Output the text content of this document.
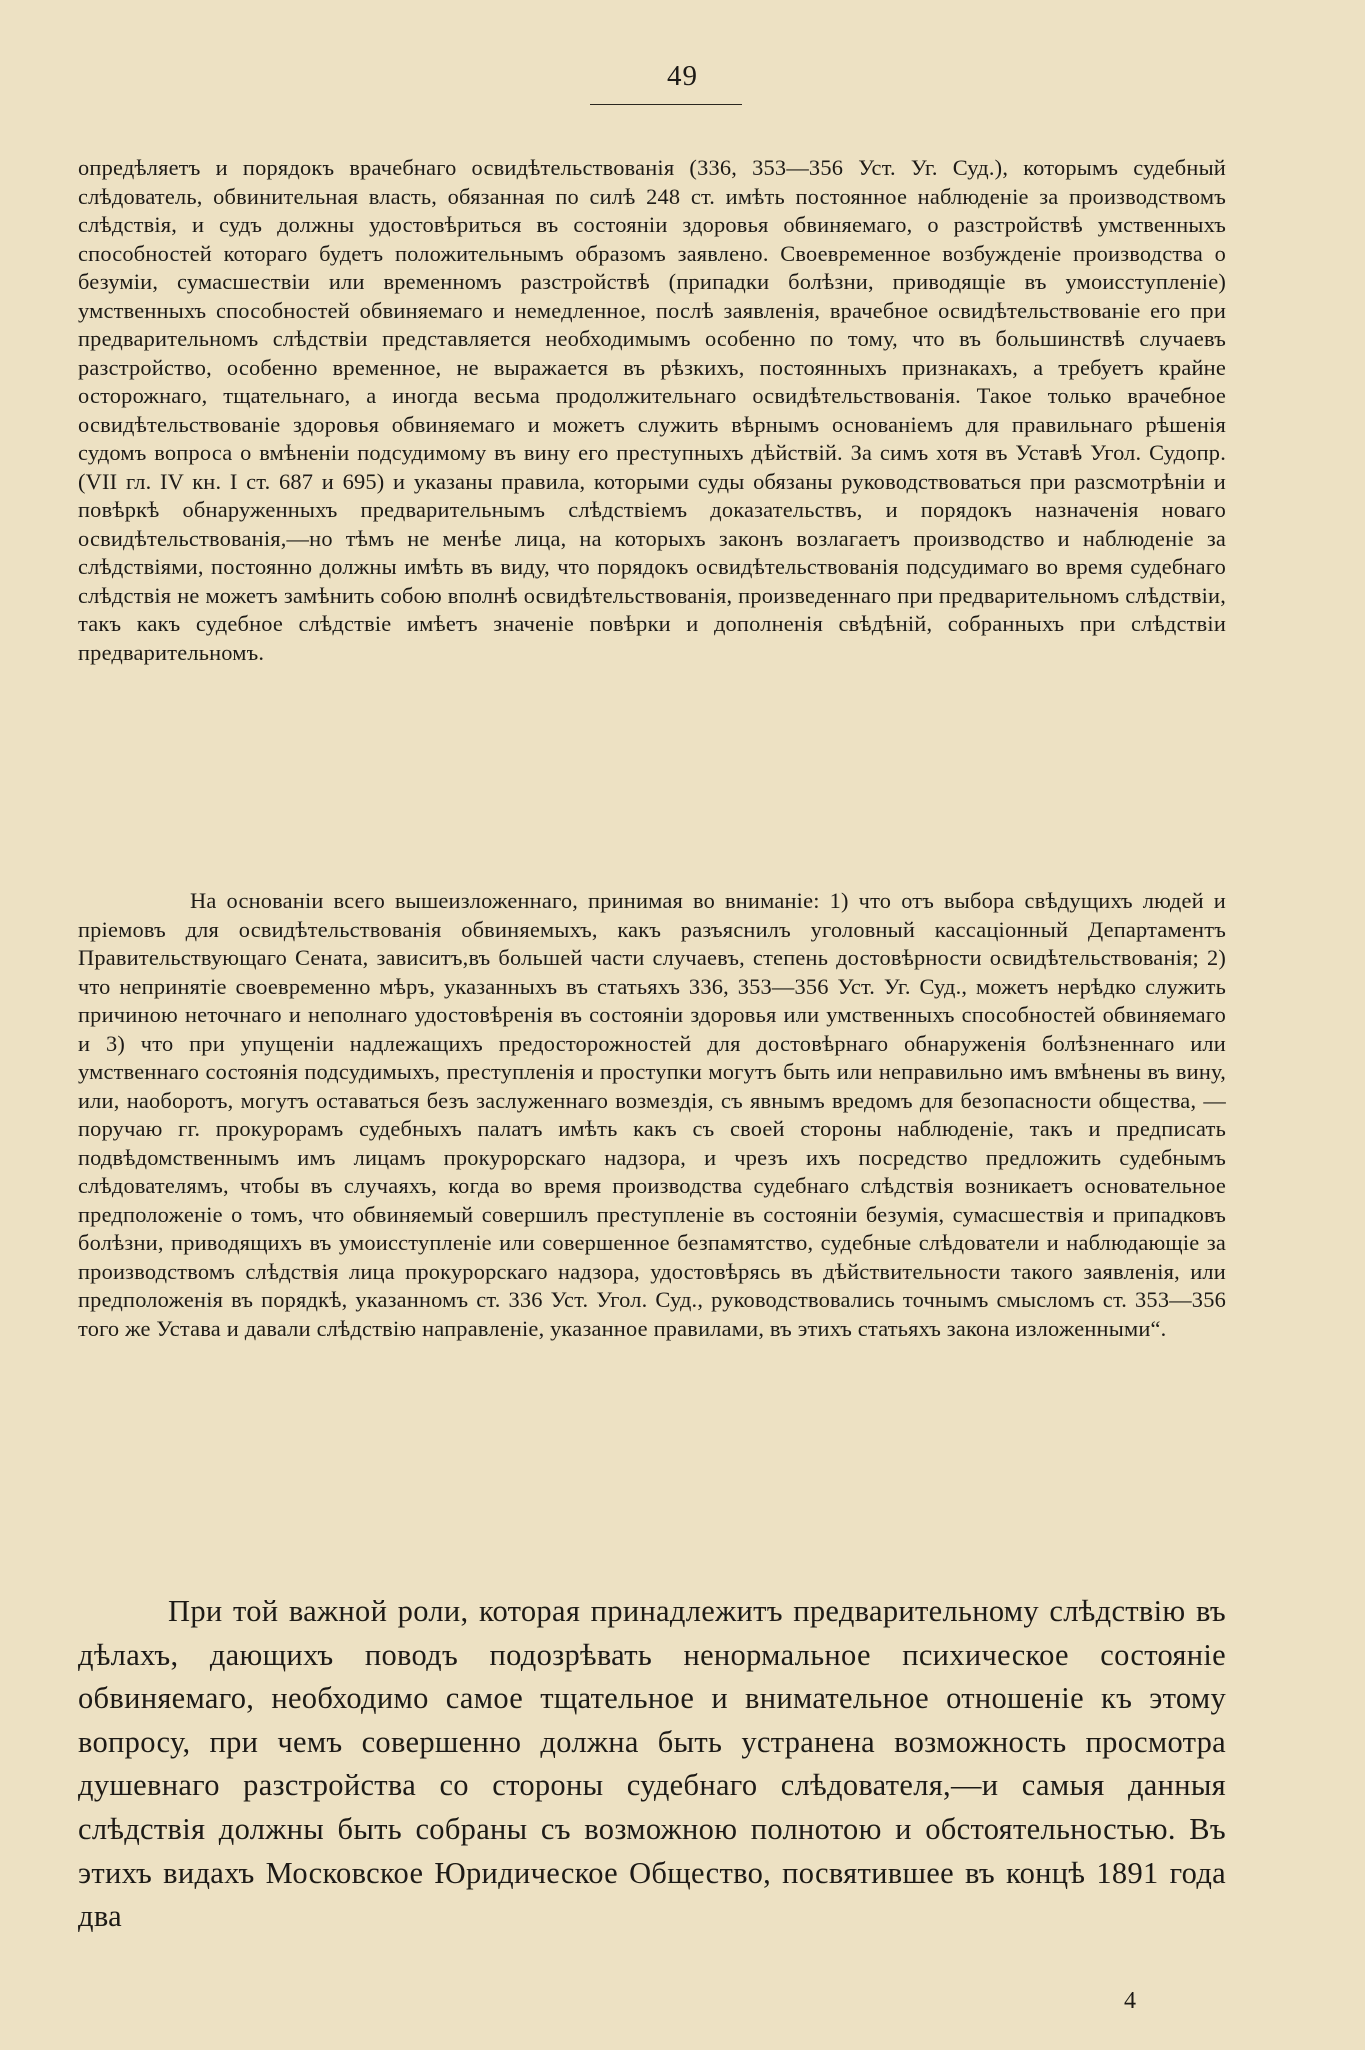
49

опредѣляетъ и порядокъ врачебнаго освидѣтельствованія (336, 353—356 Уст. Уг. Суд.), которымъ судебный слѣдователь, обвинительная власть, обязанная по силѣ 248 ст. имѣть постоянное наблюденіе за производствомъ слѣдствія, и судъ должны удостовѣриться въ состояніи здоровья обвиняемаго, о разстройствѣ умственныхъ способностей котораго будетъ положительнымъ образомъ заявлено. Своевременное возбужденіе производства о безуміи, сумасшествіи или временномъ разстройствѣ (припадки болѣзни, приводящіе въ умоисступленіе) умственныхъ способностей обвиняемаго и немедленное, послѣ заявленія, врачебное освидѣтельствованіе его при предварительномъ слѣдствіи представляется необходимымъ особенно по тому, что въ большинствѣ случаевъ разстройство, особенно временное, не выражается въ рѣзкихъ, постоянныхъ признакахъ, а требуетъ крайне осторожнаго, тщательнаго, а иногда весьма продолжительнаго освидѣтельствованія. Такое только врачебное освидѣтельствованіе здоровья обвиняемаго и можетъ служить вѣрнымъ основаніемъ для правильнаго рѣшенія судомъ вопроса о вмѣненіи подсудимому въ вину его преступныхъ дѣйствій. За симъ хотя въ Уставѣ Угол. Судопр. (VII гл. IV кн. I ст. 687 и 695) и указаны правила, которыми суды обязаны руководствоваться при разсмотрѣніи и повѣркѣ обнаруженныхъ предварительнымъ слѣдствіемъ доказательствъ, и порядокъ назначенія новаго освидѣтельствованія,—но тѣмъ не менѣе лица, на которыхъ законъ возлагаетъ производство и наблюденіе за слѣдствіями, постоянно должны имѣть въ виду, что порядокъ освидѣтельствованія подсудимаго во время судебнаго слѣдствія не можетъ замѣнить собою вполнѣ освидѣтельствованія, произведеннаго при предварительномъ слѣдствіи, такъ какъ судебное слѣдствіе имѣетъ значеніе повѣрки и дополненія свѣдѣній, собранныхъ при слѣдствіи предварительномъ.

На основаніи всего вышеизложеннаго, принимая во вниманіе: 1) что отъ выбора свѣдущихъ людей и пріемовъ для освидѣтельствованія обвиняемыхъ, какъ разъяснилъ уголовный кассаціонный Департаментъ Правительствующаго Сената, зависитъ,въ большей части случаевъ, степень достовѣрности освидѣтельствованія; 2) что непринятіе своевременно мѣръ, указанныхъ въ статьяхъ 336, 353—356 Уст. Уг. Суд., можетъ нерѣдко служить причиною неточнаго и неполнаго удостовѣренія въ состояніи здоровья или умственныхъ способностей обвиняемаго и 3) что при упущеніи надлежащихъ предосторожностей для достовѣрнаго обнаруженія болѣзненнаго или умственнаго состоянія подсудимыхъ, преступленія и проступки могутъ быть или неправильно имъ вмѣнены въ вину, или, наоборотъ, могутъ оставаться безъ заслуженнаго возмездія, съ явнымъ вредомъ для безопасности общества, — поручаю гг. прокурорамъ судебныхъ палатъ имѣть какъ съ своей стороны наблюденіе, такъ и предписать подвѣдомственнымъ имъ лицамъ прокурорскаго надзора, и чрезъ ихъ посредство предложить судебнымъ слѣдователямъ, чтобы въ случаяхъ, когда во время производства судебнаго слѣдствія возникаетъ основательное предположеніе о томъ, что обвиняемый совершилъ преступленіе въ состояніи безумія, сумасшествія и припадковъ болѣзни, приводящихъ въ умоисступленіе или совершенное безпамятство, судебные слѣдователи и наблюдающіе за производствомъ слѣдствія лица прокурорскаго надзора, удостовѣрясь въ дѣйствительности такого заявленія, или предположенія въ порядкѣ, указанномъ ст. 336 Уст. Угол. Суд., руководствовались точнымъ смысломъ ст. 353—356 того же Устава и давали слѣдствію направленіе, указанное правилами, въ этихъ статьяхъ закона изложенными“.

При той важной роли, которая принадлежитъ предварительному слѣдствію въ дѣлахъ, дающихъ поводъ подозрѣвать ненормальное психическое состояніе обвиняемаго, необходимо самое тщательное и внимательное отношеніе къ этому вопросу, при чемъ совершенно должна быть устранена возможность просмотра душевнаго разстройства со стороны судебнаго слѣдователя,—и самыя данныя слѣдствія должны быть собраны съ возможною полнотою и обстоятельностью. Въ этихъ видахъ Московское Юридическое Общество, посвятившее въ концѣ 1891 года два

4
